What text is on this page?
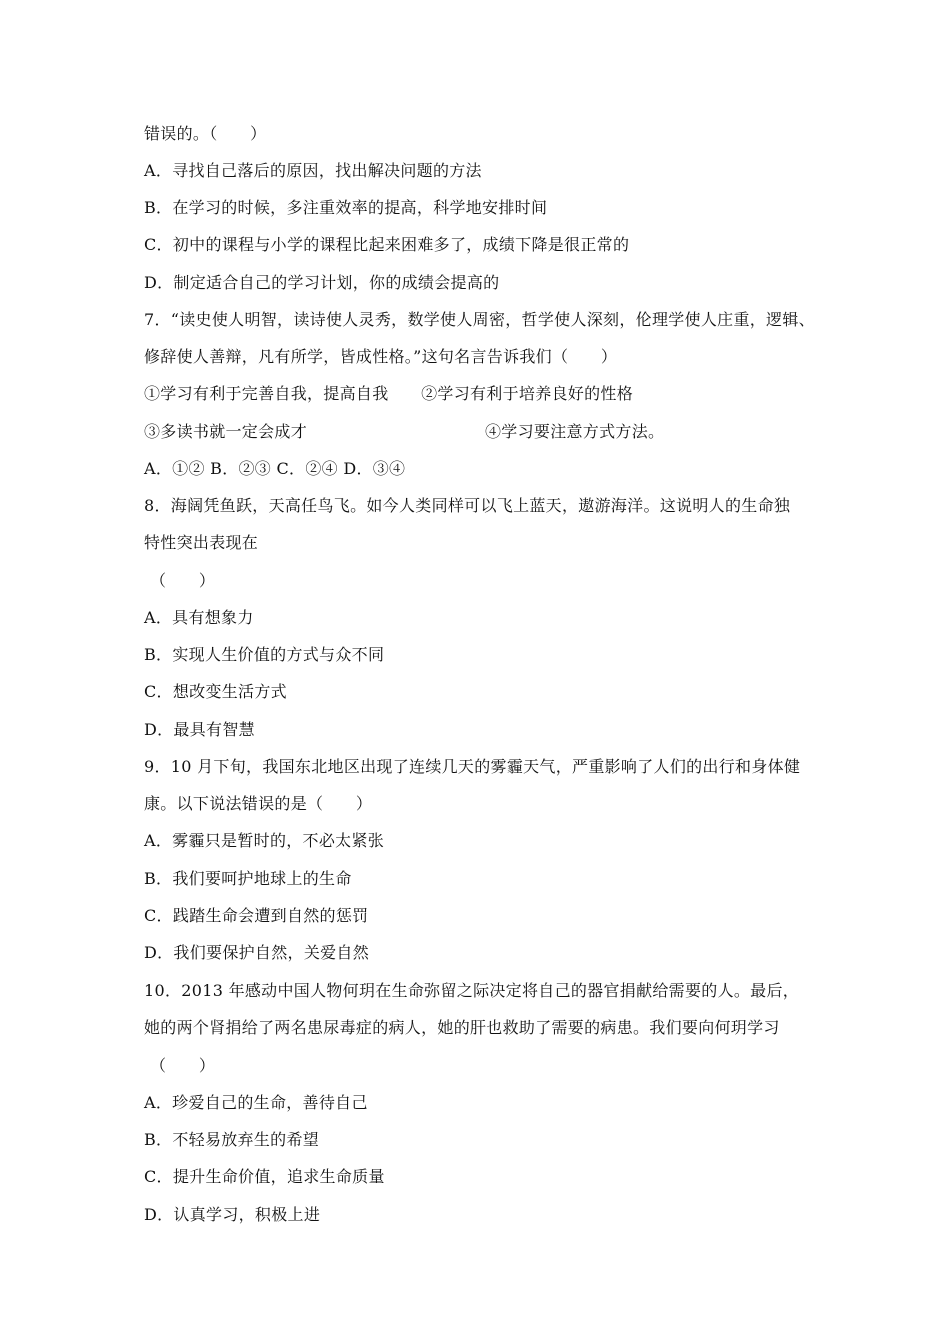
错误的。（　　）
A．寻找自己落后的原因，找出解决问题的方法
B．在学习的时候，多注重效率的提高，科学地安排时间
C．初中的课程与小学的课程比起来困难多了，成绩下降是很正常的
D．制定适合自己的学习计划，你的成绩会提高的
7．“读史使人明智，读诗使人灵秀，数学使人周密，哲学使人深刻，伦理学使人庄重，逻辑、
修辞使人善辩，凡有所学，皆成性格。”这句名言告诉我们（　　）
①学习有利于完善自我，提高自我　　②学习有利于培养良好的性格
③多读书就一定会成才	④学习要注意方式方法。
A．①② B．②③ C．②④ D．③④
8．海阔凭鱼跃，天高任鸟飞。如今人类同样可以飞上蓝天，遨游海洋。这说明人的生命独
特性突出表现在
（　　）
A．具有想象力
B．实现人生价值的方式与众不同
C．想改变生活方式
D．最具有智慧
9．10 月下旬，我国东北地区出现了连续几天的雾霾天气，严重影响了人们的出行和身体健
康。以下说法错误的是（　　）
A．雾霾只是暂时的，不必太紧张
B．我们要呵护地球上的生命
C．践踏生命会遭到自然的惩罚
D．我们要保护自然，关爱自然
10．2013 年感动中国人物何玥在生命弥留之际决定将自己的器官捐献给需要的人。最后，
她的两个肾捐给了两名患尿毒症的病人，她的肝也救助了需要的病患。我们要向何玥学习
（　　）
A．珍爱自己的生命，善待自己
B．不轻易放弃生的希望
C．提升生命价值，追求生命质量
D．认真学习，积极上进
